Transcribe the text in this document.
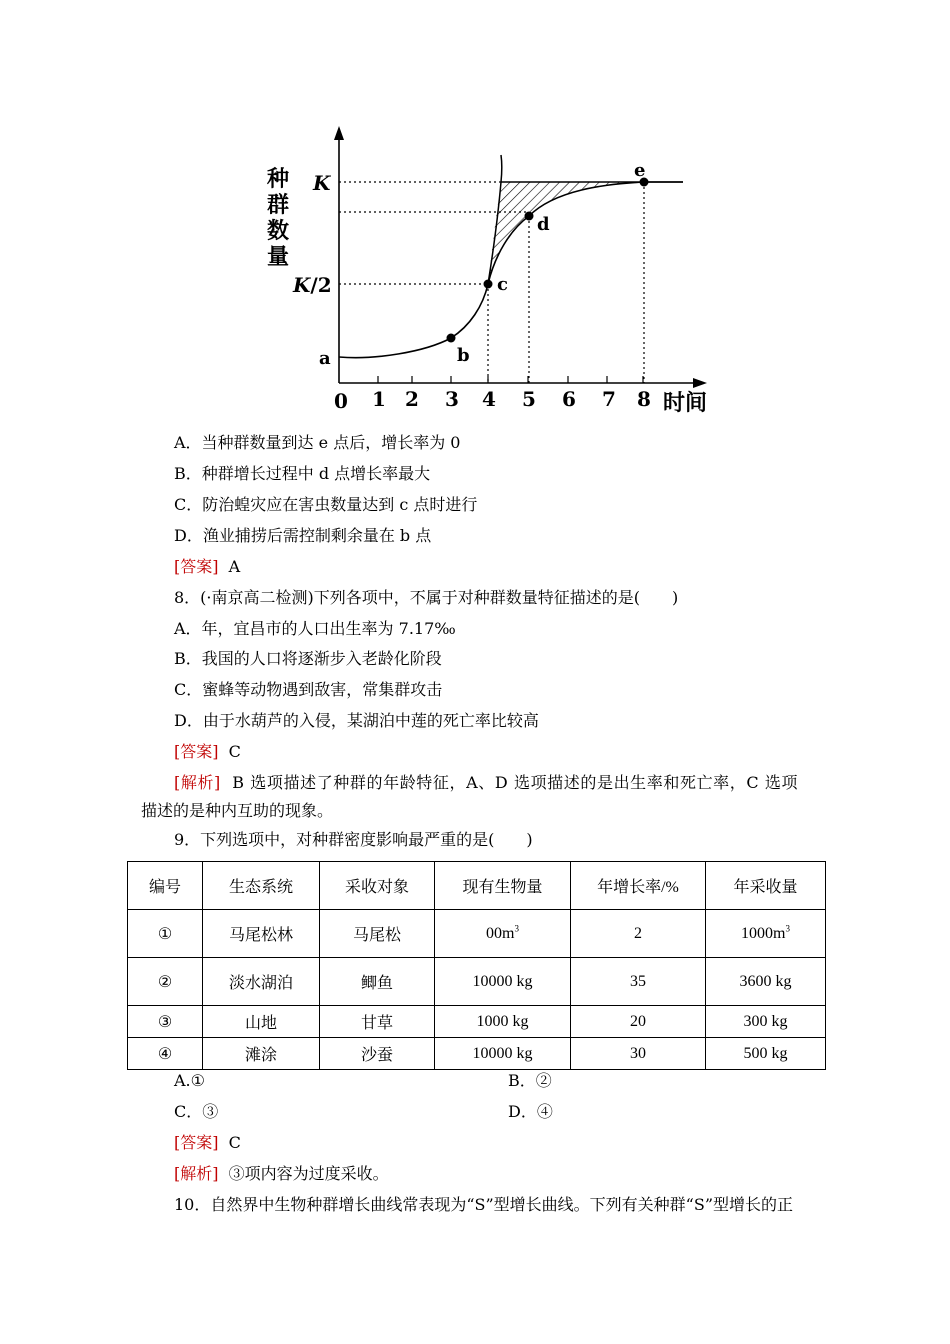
种
群
数
量
a	b
c
d
e
K
K/2
0 1 2 3 4 5 6 7 8 时间
A．当种群数量到达 e 点后，增长率为 0
B．种群增长过程中 d 点增长率最大
C．防治蝗灾应在害虫数量达到 c 点时进行
D．渔业捕捞后需控制剩余量在 b 点
[答案] A
8．(·南京高二检测)下列各项中，不属于对种群数量特征描述的是(　　)
A．年，宜昌市的人口出生率为 7.17‰
B．我国的人口将逐渐步入老龄化阶段
C．蜜蜂等动物遇到敌害，常集群攻击
D．由于水葫芦的入侵，某湖泊中莲的死亡率比较高
[答案] C
[解析] B 选项描述了种群的年龄特征，A、D 选项描述的是出生率和死亡率，C 选项
描述的是种内互助的现象。
9．下列选项中，对种群密度影响最严重的是(　　)
编号	生态系统	采收对象	现有生物量	年增长率/%	年采收量
①	马尾松林	马尾松	$00m^3$	2	$1000m^3$
②	淡水湖泊	鲫鱼	10000 kg	35	3600 kg
③	山地	甘草	1000 kg	20	300 kg
④	滩涂	沙蚕	10000 kg	30	500 kg
A.①	B．②
C．③	D．④
[答案] C
[解析] ③项内容为过度采收。
10．自然界中生物种群增长曲线常表现为“S”型增长曲线。下列有关种群“S”型增长的正
